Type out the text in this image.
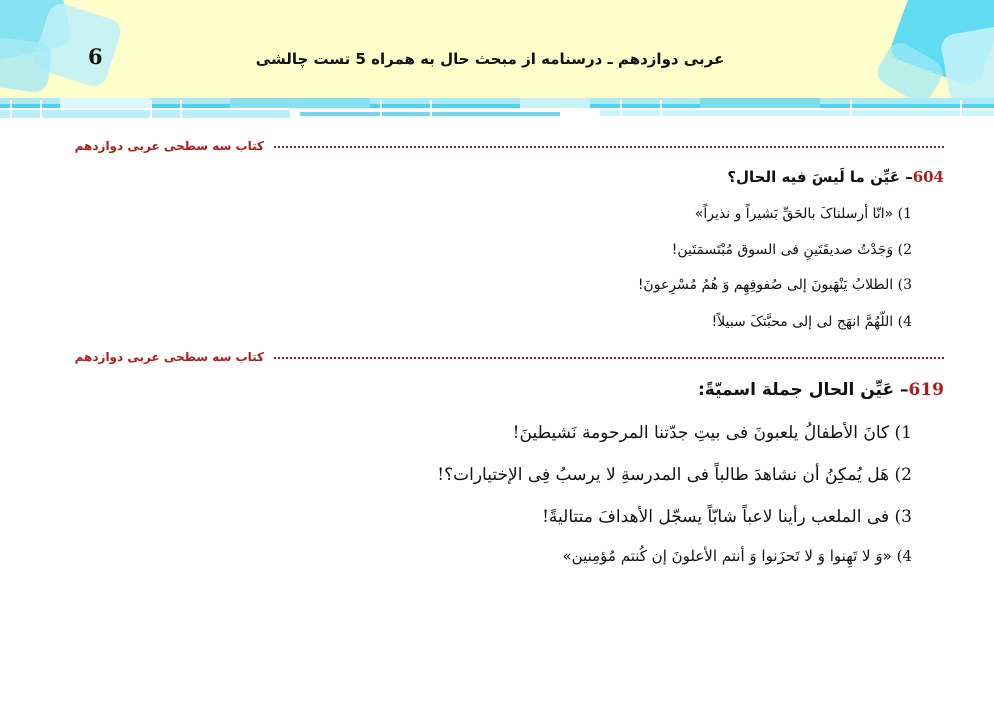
6	عربی دوازدهم ـ درسنامه از مبحث حال به همراه 5 تست چالشی
کتاب سه سطحی عربی دوازدهم
604– عَیِّن ما لَیسَ فیه الحال؟
1) «انّا أرسلناکَ بالحَقِّ بَشیراً و نذیراً»
2) وَجَدْتُ صدیقَتَینِ فی السوق مُبْتَسمَتَین!
3) الطلابُ یَنْهَبونَ إلی صُفوفِهِم وَ هُمُ مُسْرِعونَ!
4) اللّهُمَّ انهَج لی إلی محبَّتکَ سبیلاً!
کتاب سه سطحی عربی دوازدهم
619– عَیِّن الحال جملة اسمیّةً:
1) کانَ الأطفالُ یلعبونَ فی بیتِ جدّتنا المرحومة نَشیطینَ!
2) هَل یُمکِنُ أن نشاهدَ طالباً فی المدرسةِ لا یرسبُ فِی الإختیارات؟!
3) فی الملعب رأینا لاعباً شابّاً یسجّل الأهدافَ متتالیةً!
4) «وَ لا تَهِنوا وَ لا تَحزَنوا وَ أنتم الأعلونَ إن کُنتم مُؤمِنین»
